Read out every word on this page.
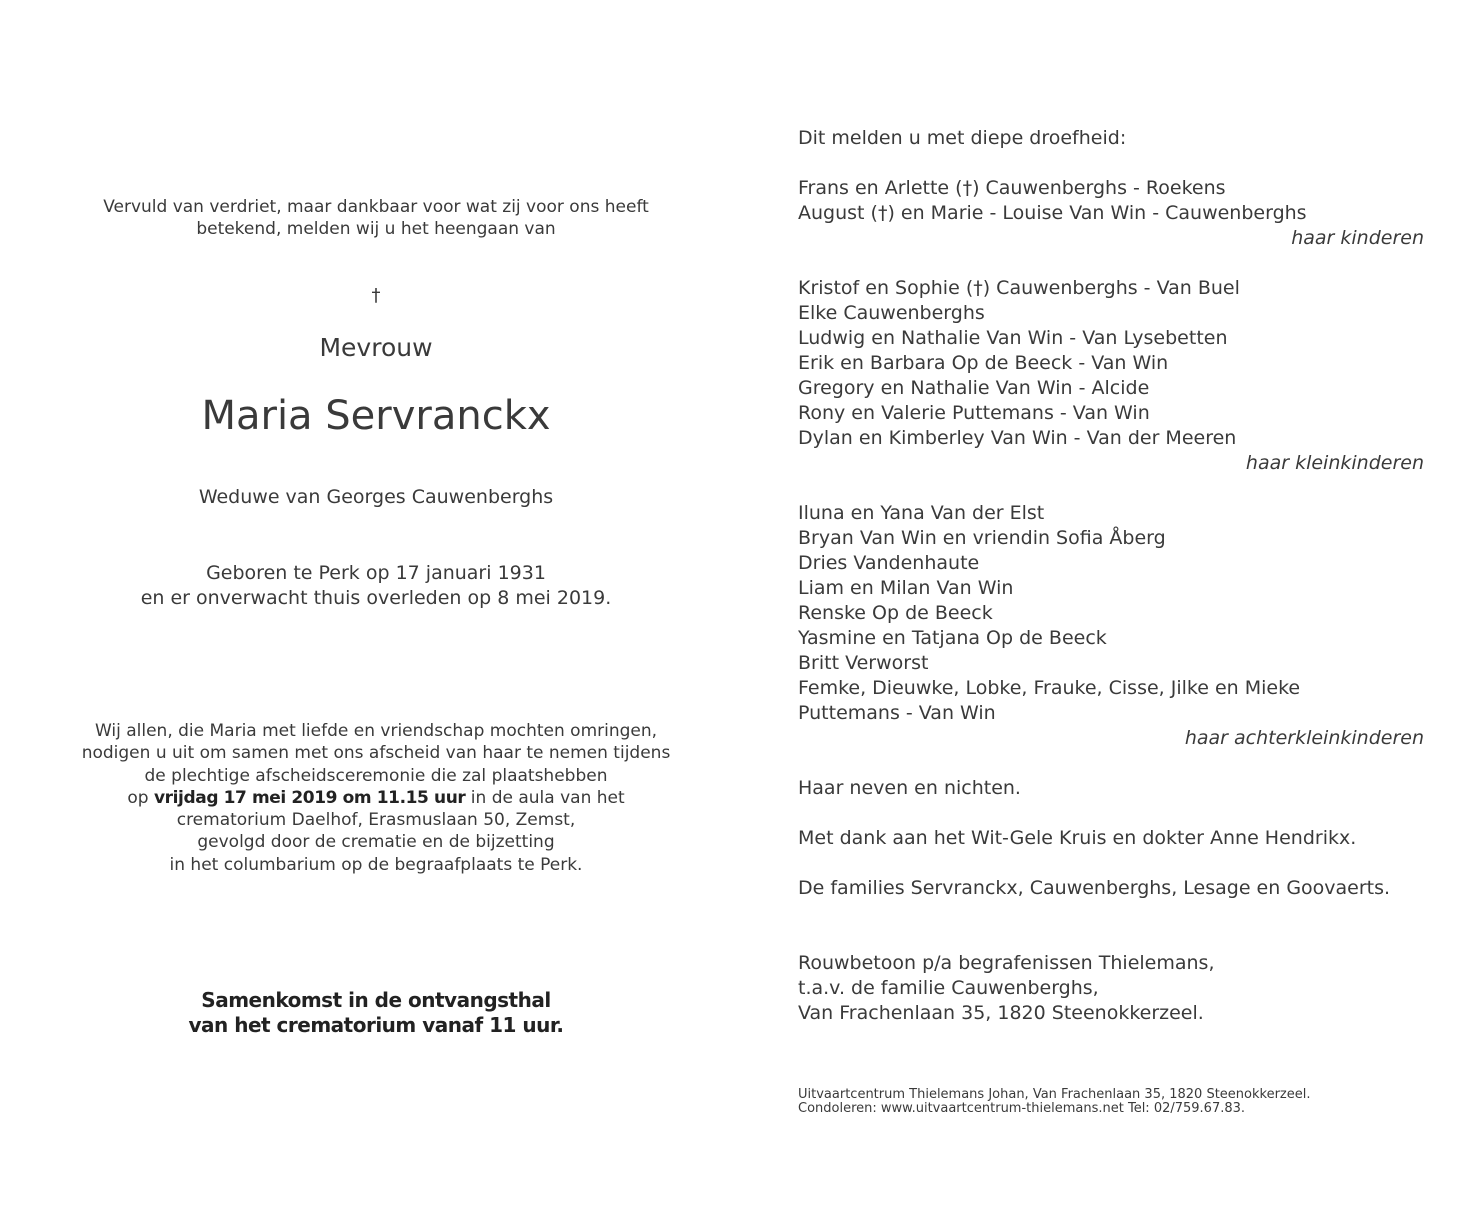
Vervuld van verdriet, maar dankbaar voor wat zij voor ons heeft
betekend, melden wij u het heengaan van
†
Mevrouw
Maria Servranckx
Weduwe van Georges Cauwenberghs
Geboren te Perk op 17 januari 1931
en er onverwacht thuis overleden op 8 mei 2019.
Wij allen, die Maria met liefde en vriendschap mochten omringen,
nodigen u uit om samen met ons afscheid van haar te nemen tijdens
de plechtige afscheidsceremonie die zal plaatshebben
op vrijdag 17 mei 2019 om 11.15 uur in de aula van het
crematorium Daelhof, Erasmuslaan 50, Zemst,
gevolgd door de crematie en de bijzetting
in het columbarium op de begraafplaats te Perk.
Samenkomst in de ontvangsthal
van het crematorium vanaf 11 uur.
Dit melden u met diepe droefheid:
Frans en Arlette (†) Cauwenberghs - Roekens
August (†) en Marie - Louise Van Win - Cauwenberghs
haar kinderen
Kristof en Sophie (†) Cauwenberghs - Van Buel
Elke Cauwenberghs
Ludwig en Nathalie Van Win - Van Lysebetten
Erik en Barbara Op de Beeck - Van Win
Gregory en Nathalie Van Win - Alcide
Rony en Valerie Puttemans - Van Win
Dylan en Kimberley Van Win - Van der Meeren
haar kleinkinderen
Iluna en Yana Van der Elst
Bryan Van Win en vriendin Sofia Åberg
Dries Vandenhaute
Liam en Milan Van Win
Renske Op de Beeck
Yasmine en Tatjana Op de Beeck
Britt Verworst
Femke, Dieuwke, Lobke, Frauke, Cisse, Jilke en Mieke
Puttemans - Van Win
haar achterkleinkinderen
Haar neven en nichten.
Met dank aan het Wit-Gele Kruis en dokter Anne Hendrikx.
De families Servranckx, Cauwenberghs, Lesage en Goovaerts.
Rouwbetoon p/a begrafenissen Thielemans,
t.a.v. de familie Cauwenberghs,
Van Frachenlaan 35, 1820 Steenokkerzeel.
Uitvaartcentrum Thielemans Johan, Van Frachenlaan 35, 1820 Steenokkerzeel.
Condoleren: www.uitvaartcentrum-thielemans.net Tel: 02/759.67.83.
